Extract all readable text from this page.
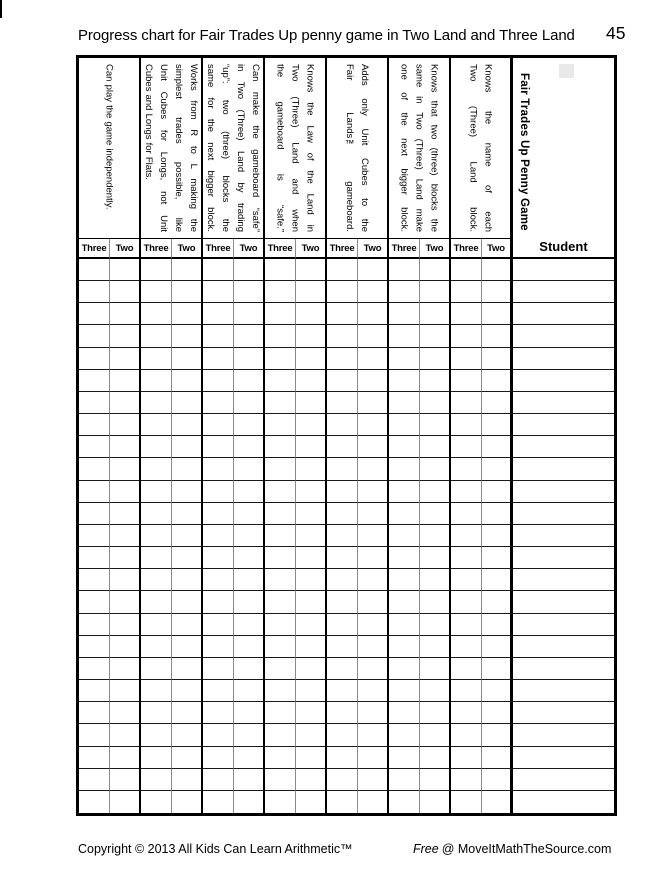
Progress chart for Fair Trades Up penny game in Two Land and Three Land 45
Fair Trades Up Penny Game
Student
Can play the game independently.	Works from R to L making the
simplest trades possible, like
Unit Cubes for Longs, not Unit
Cubes and Longs for Flats.	Can make the gameboard “safe”
in Two (Three) Land by trading
“up”: two (three) blocks the
same for the next bigger block.	Knows the Law of the Land in
Two (Three) Land and when
the gameboard is “safe.”	Adds only Unit Cubes to the
Fair Lands™ gameboard.	Knows that two (three) blocks the
same in Two (Three) Land make
one of the next bigger block.	Knows the name of each
Two (Three) Land block.
Three Two	Three Two	Three Two	Three Two	Three Two	Three Two	Three Two
Copyright © 2013 All Kids Can Learn Arithmetic™	Free @ MoveItMathTheSource.com
